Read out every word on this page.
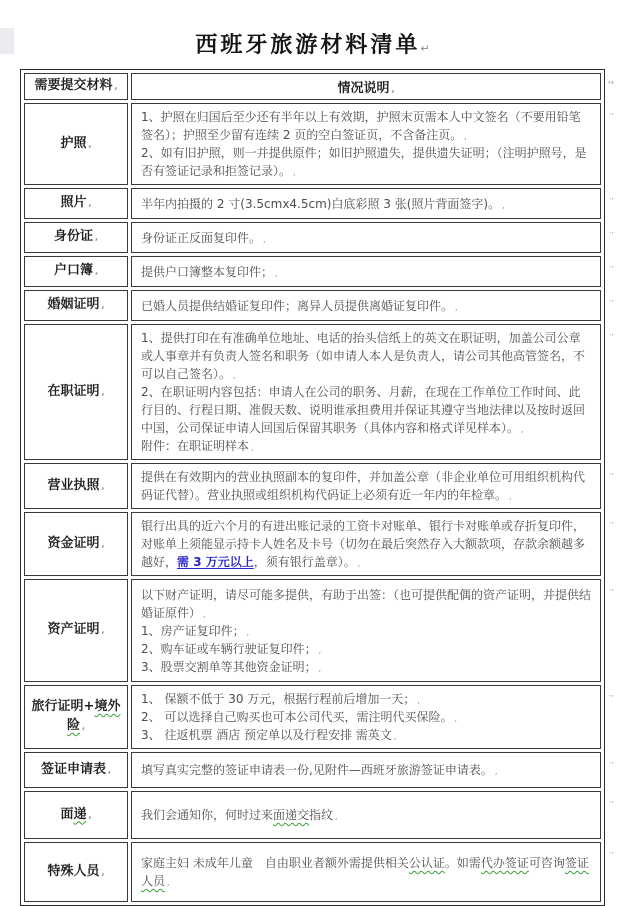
西班牙旅游材料清单↵
需要提交材料 ,	情况说明 ,
.,

护照 ,	1、护照在归国后至少还有半年以上有效期，护照末页需本人中文签名（不要用铅笔签名）；护照至少留有连续 2 页的空白签证页，不含备注页。 ,
2、如有旧护照，则一并提供原件；如旧护照遗失，提供遗失证明；（注明护照号，是否有签证记录和拒签记录）。 ,
.,

照片 ,	半年内拍摄的 2 寸(3.5cmx4.5cm)白底彩照 3 张(照片背面签字)。 ,
.,

身份证 ,	身份证正反面复印件。 ,
.,

户口簿 ,	提供户口簿整本复印件； ,
.,

婚姻证明 ,	已婚人员提供结婚证复印件；离异人员提供离婚证复印件。 ,
.,

在职证明 ,	1、提供打印在有准确单位地址、电话的抬头信纸上的英文在职证明，加盖公司公章或人事章并有负责人签名和职务（如申请人本人是负责人，请公司其他高管签名，不可以自己签名）。 ,
2、在职证明内容包括：申请人在公司的职务、月薪，在现在工作单位工作时间、此行目的、行程日期、准假天数、说明谁承担费用并保证其遵守当地法律以及按时返回中国，公司保证申请人回国后保留其职务（具体内容和格式详见样本）。 ,
附件：在职证明样本 ,
.,

营业执照 ,	提供在有效期内的营业执照副本的复印件，并加盖公章（非企业单位可用组织机构代码证代替）。营业执照或组织机构代码证上必须有近一年内的年检章。 ,
.,

资金证明 ,	银行出具的近六个月的有进出账记录的工资卡对账单、银行卡对账单或存折复印件，对账单上须能显示持卡人姓名及卡号（切勿在最后突然存入大额款项，存款余额越多越好，需 3 万元以上，须有银行盖章）。 ,
.,

资产证明 ,	以下财产证明，请尽可能多提供，有助于出签：（也可提供配偶的资产证明，并提供结婚证原件） ,
1、房产证复印件； ,
2、购车证或车辆行驶证复印件； ,
3、股票交割单等其他资金证明； ,
.,

旅行证明+境外险 ,	1、 保额不低于 30 万元，根据行程前后增加一天； ,
2、 可以选择自己购买也可本公司代买，需注明代买保险。 ,
3、 往返机票 酒店 预定单以及行程安排 需英文 ,
.,

签证申请表 ,	填写真实完整的签证申请表一份,见附件—西班牙旅游签证申请表。 ,
.,

面递 ,	我们会通知你，何时过来面递交指纹 ,
.,

特殊人员 ,	家庭主妇 未成年儿童　自由职业者额外需提供相关公认证。如需代办签证可咨询签证人员 ,
.,
